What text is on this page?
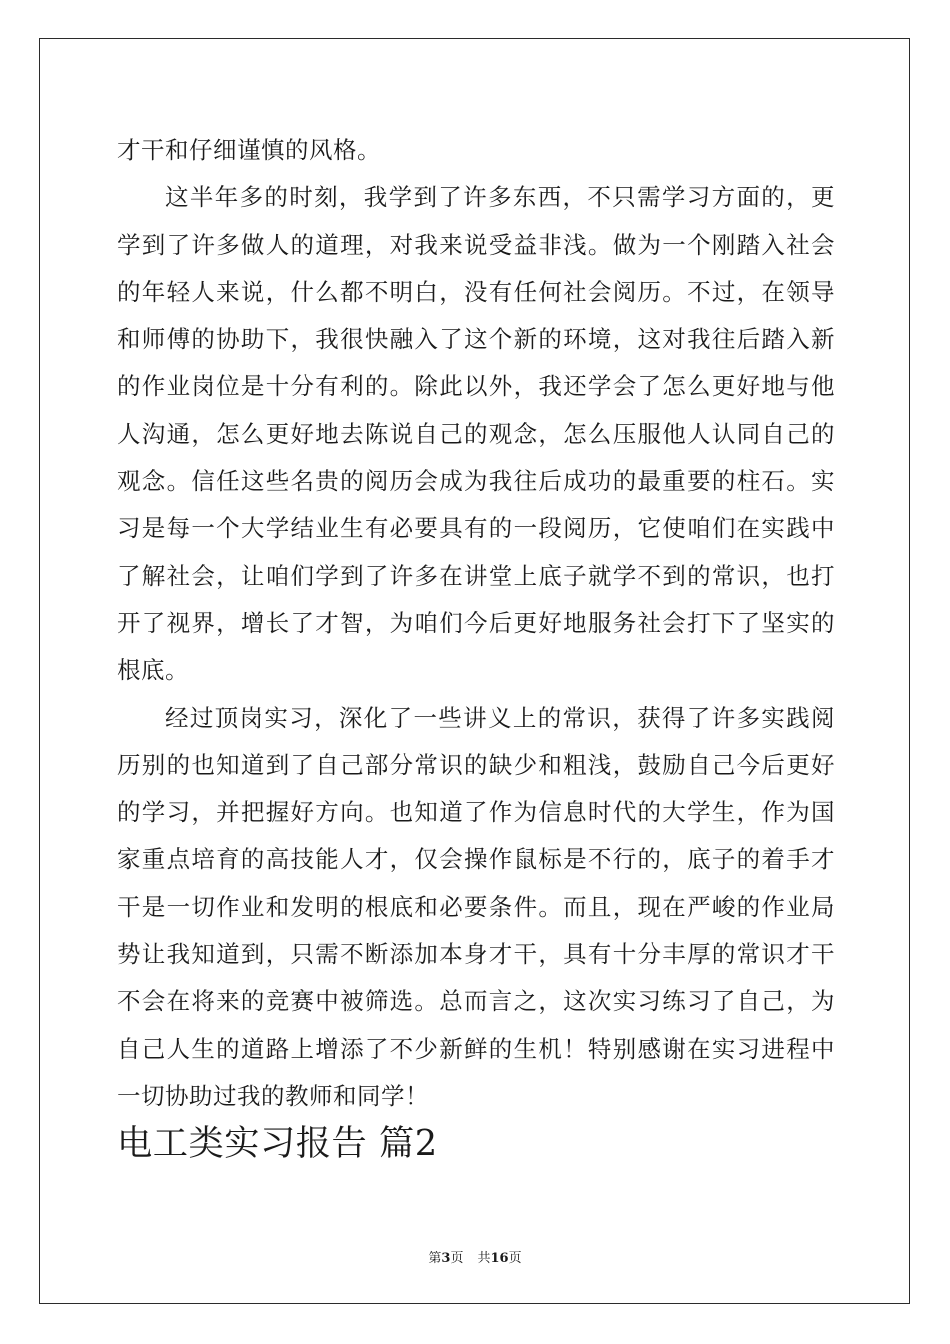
才干和仔细谨慎的风格。

这半年多的时刻，我学到了许多东西，不只需学习方面的，更学到了许多做人的道理，对我来说受益非浅。做为一个刚踏入社会的年轻人来说，什么都不明白，没有任何社会阅历。不过，在领导和师傅的协助下，我很快融入了这个新的环境，这对我往后踏入新的作业岗位是十分有利的。除此以外，我还学会了怎么更好地与他人沟通，怎么更好地去陈说自己的观念，怎么压服他人认同自己的观念。信任这些名贵的阅历会成为我往后成功的最重要的柱石。实习是每一个大学结业生有必要具有的一段阅历，它使咱们在实践中了解社会，让咱们学到了许多在讲堂上底子就学不到的常识，也打开了视界，增长了才智，为咱们今后更好地服务社会打下了坚实的根底。

经过顶岗实习，深化了一些讲义上的常识，获得了许多实践阅历别的也知道到了自己部分常识的缺少和粗浅，鼓励自己今后更好的学习，并把握好方向。也知道了作为信息时代的大学生，作为国家重点培育的高技能人才，仅会操作鼠标是不行的，底子的着手才干是一切作业和发明的根底和必要条件。而且，现在严峻的作业局势让我知道到，只需不断添加本身才干，具有十分丰厚的常识才干不会在将来的竞赛中被筛选。总而言之，这次实习练习了自己，为自己人生的道路上增添了不少新鲜的生机！特别感谢在实习进程中一切协助过我的教师和同学！

电工类实习报告 篇2
第3页 共16页
